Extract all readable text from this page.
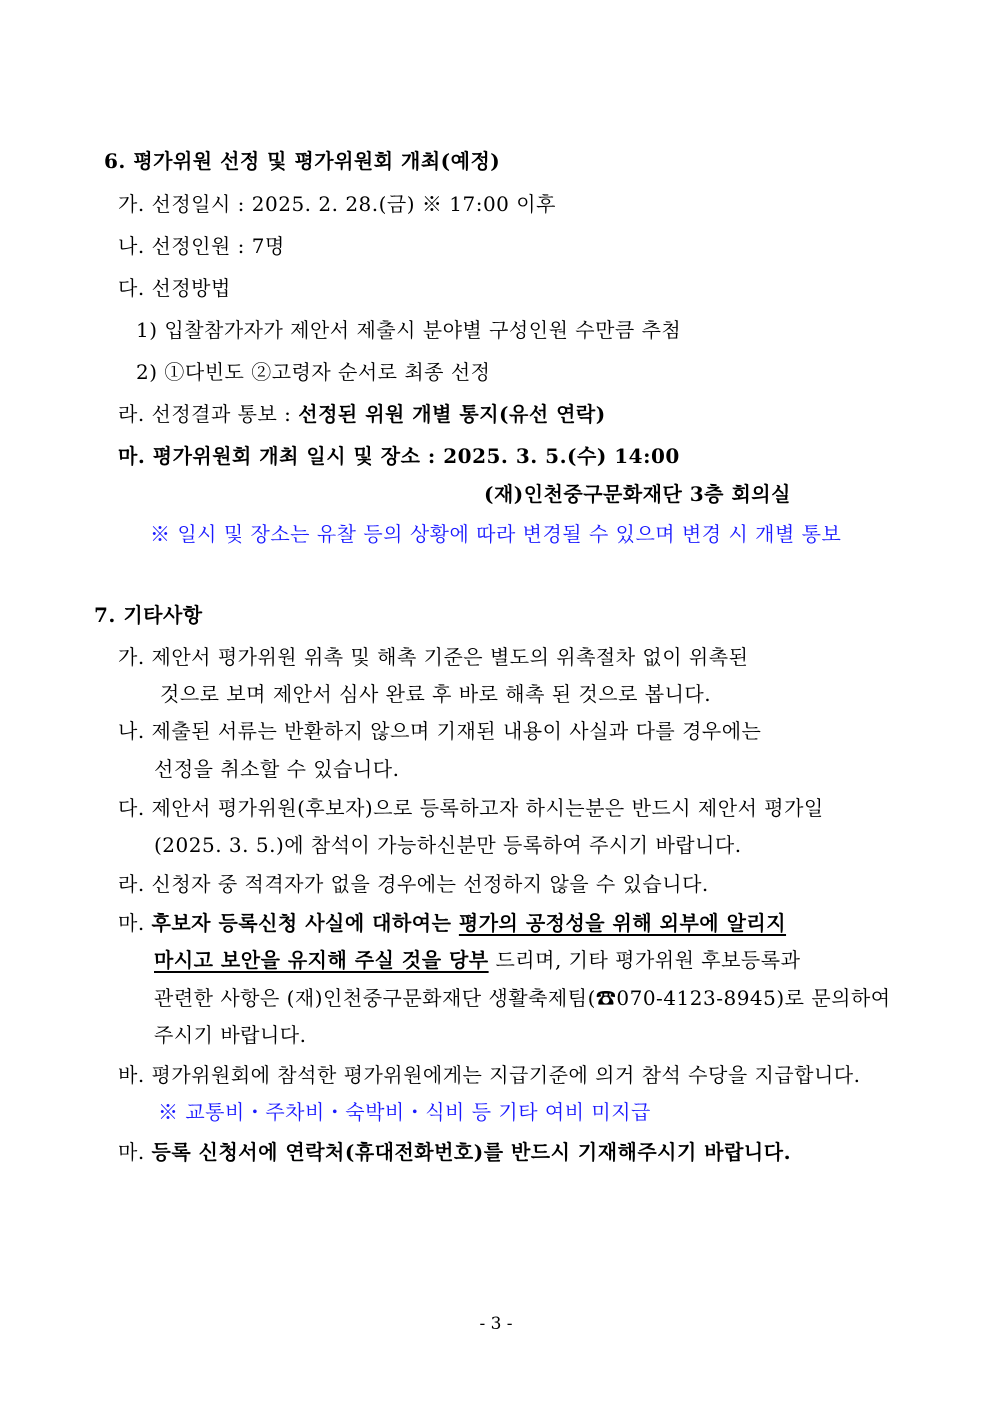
6. 평가위원 선정 및 평가위원회 개최(예정)
가. 선정일시 : 2025. 2. 28.(금) ※ 17:00 이후
나. 선정인원 : 7명
다. 선정방법
1) 입찰참가자가 제안서 제출시 분야별 구성인원 수만큼 추첨
2) ①다빈도 ②고령자 순서로 최종 선정
라. 선정결과 통보 : 선정된 위원 개별 통지(유선 연락)
마. 평가위원회 개최 일시 및 장소 : 2025. 3. 5.(수) 14:00
(재)인천중구문화재단 3층 회의실
※ 일시 및 장소는 유찰 등의 상황에 따라 변경될 수 있으며 변경 시 개별 통보
7. 기타사항
가. 제안서 평가위원 위촉 및 해촉 기준은 별도의 위촉절차 없이 위촉된
것으로 보며 제안서 심사 완료 후 바로 해촉 된 것으로 봅니다.
나. 제출된 서류는 반환하지 않으며 기재된 내용이 사실과 다를 경우에는
선정을 취소할 수 있습니다.
다. 제안서 평가위원(후보자)으로 등록하고자 하시는분은 반드시 제안서 평가일
(2025. 3. 5.)에 참석이 가능하신분만 등록하여 주시기 바랍니다.
라. 신청자 중 적격자가 없을 경우에는 선정하지 않을 수 있습니다.
마. 후보자 등록신청 사실에 대하여는 평가의 공정성을 위해 외부에 알리지
마시고 보안을 유지해 주실 것을 당부 드리며, 기타 평가위원 후보등록과
관련한 사항은 (재)인천중구문화재단 생활축제팀(☎070-4123-8945)로 문의하여
주시기 바랍니다.
바. 평가위원회에 참석한 평가위원에게는 지급기준에 의거 참석 수당을 지급합니다.
※ 교통비・주차비・숙박비・식비 등 기타 여비 미지급
마. 등록 신청서에 연락처(휴대전화번호)를 반드시 기재해주시기 바랍니다.
- 3 -
